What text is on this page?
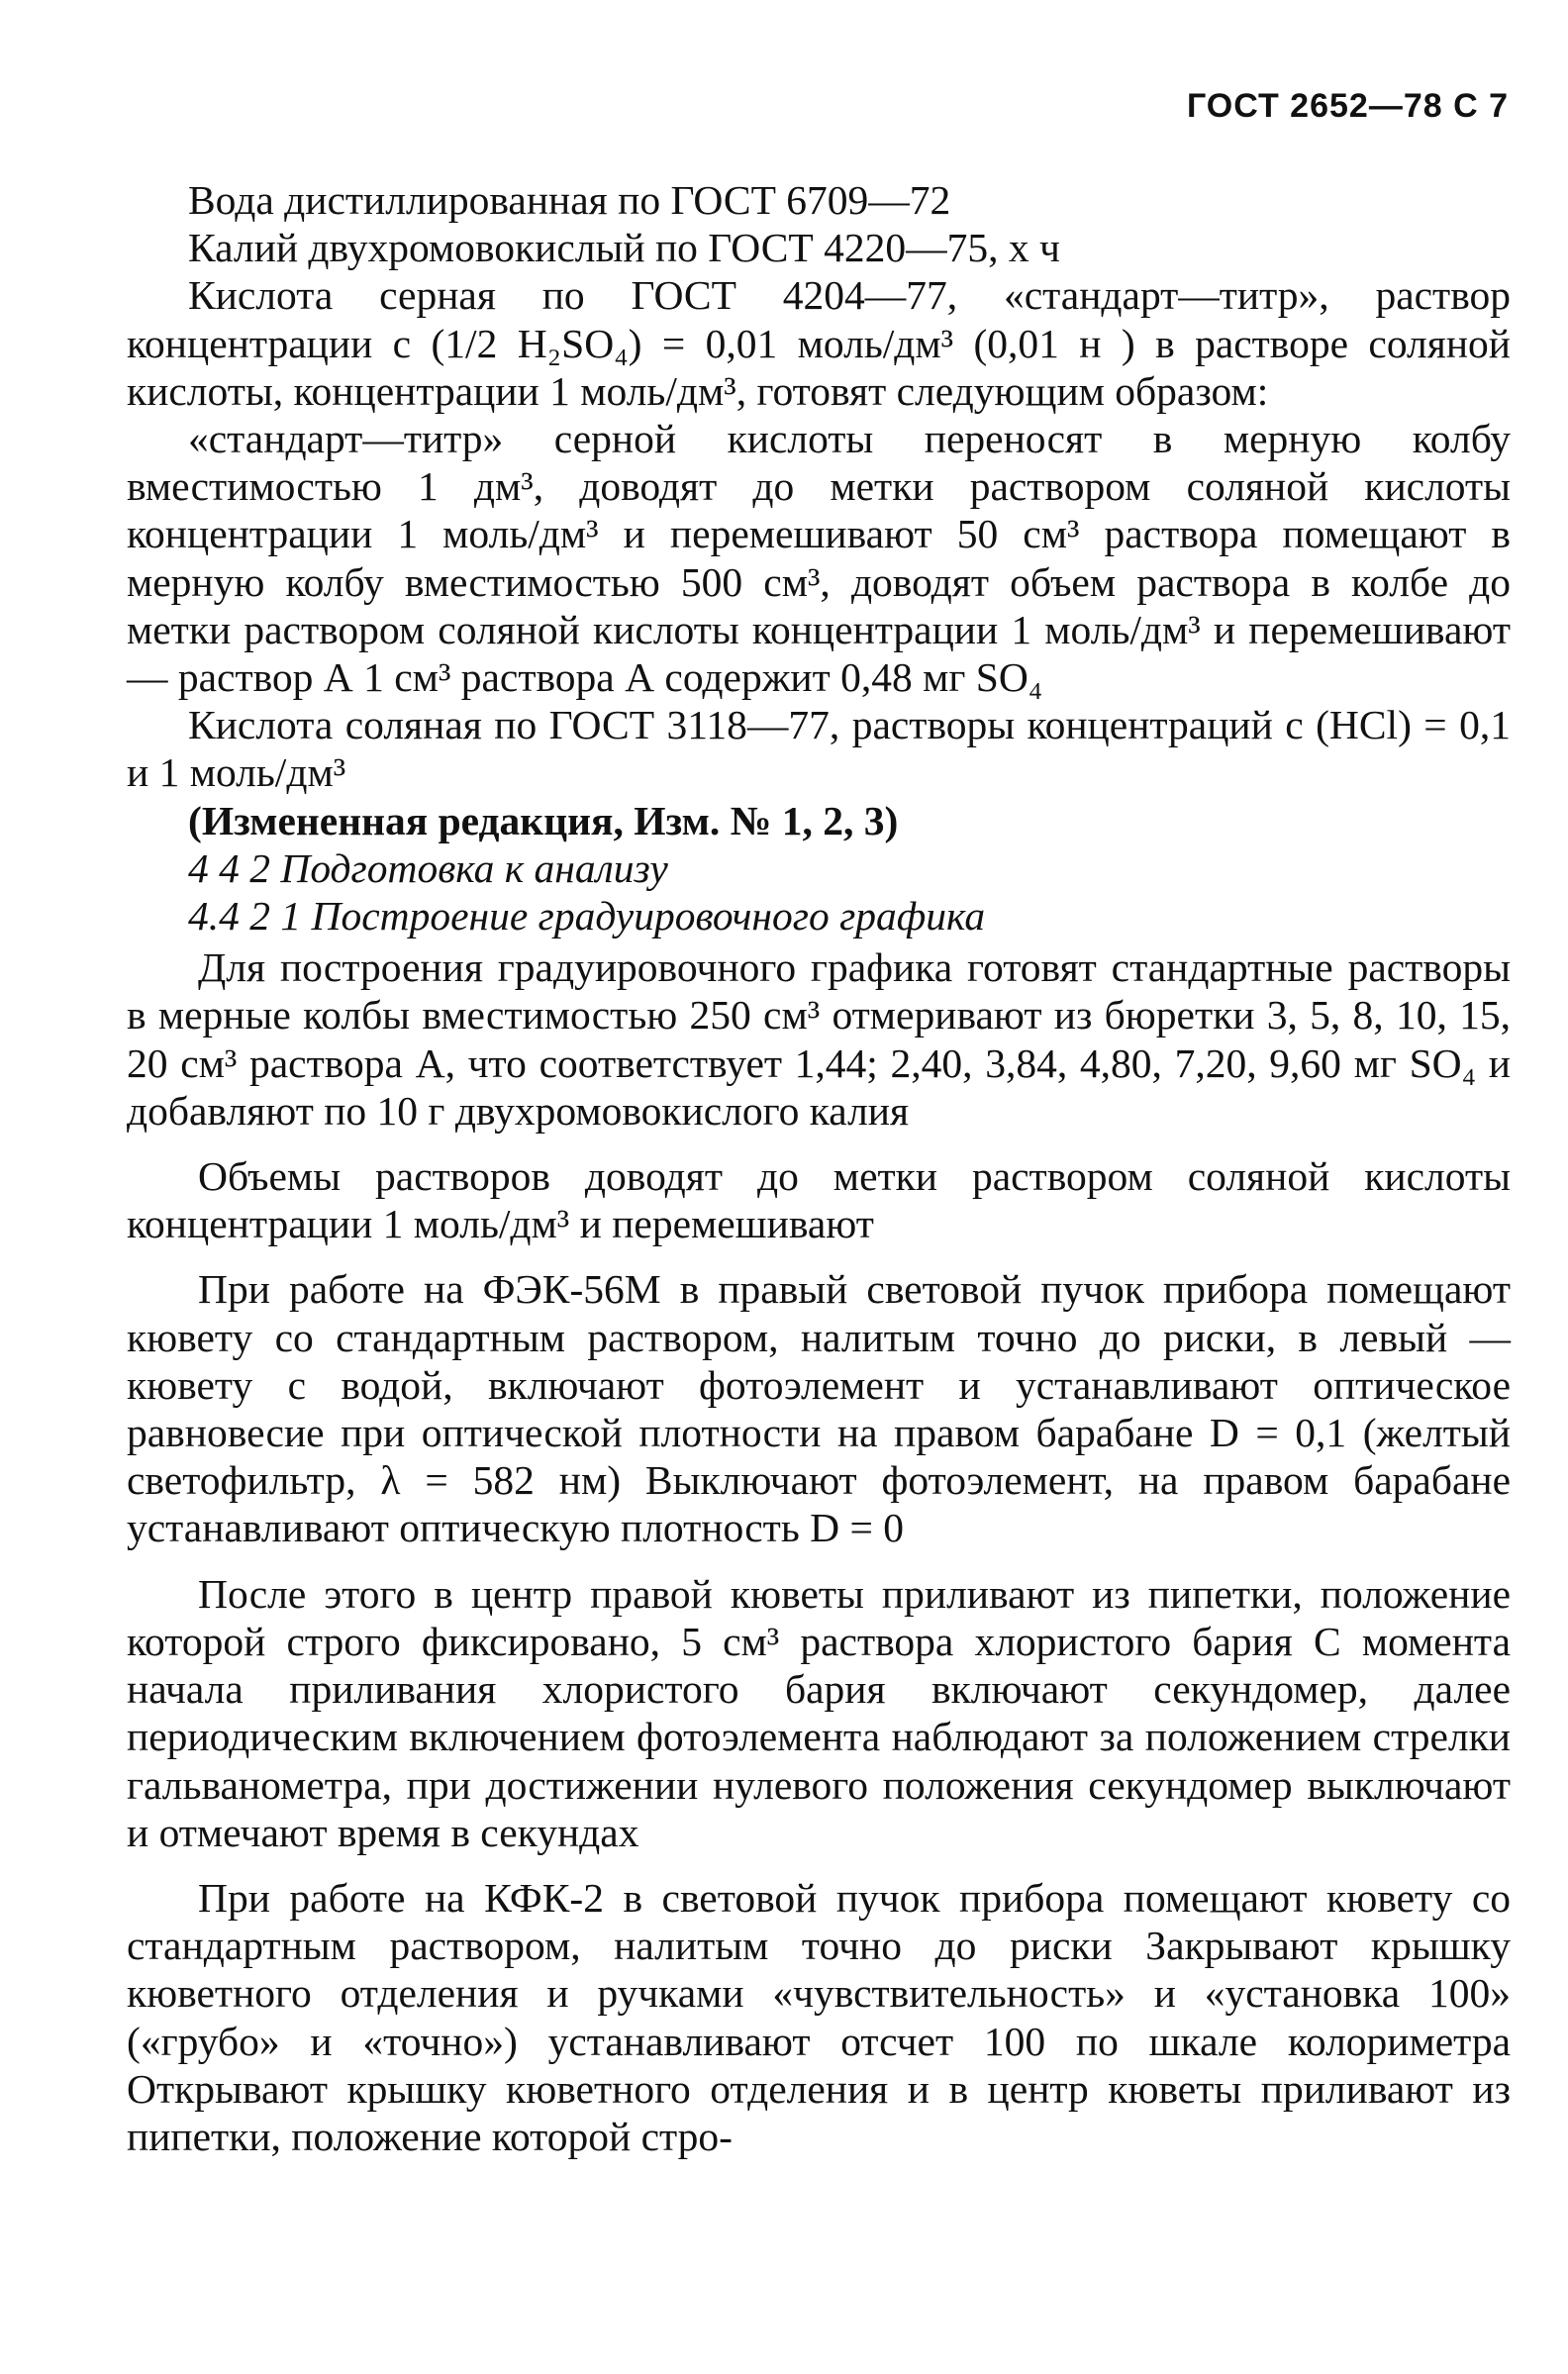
ГОСТ 2652—78 С 7

Вода дистиллированная по ГОСТ 6709—72

Калий двухромовокислый по ГОСТ 4220—75, х ч

Кислота серная по ГОСТ 4204—77, «стандарт—титр», раствор концентрации c (1/2 H₂SO₄) = 0,01 моль/дм³ (0,01 н ) в растворе соляной кислоты, концентрации 1 моль/дм³, готовят следующим образом:

«стандарт—титр» серной кислоты переносят в мерную колбу вместимостью 1 дм³, доводят до метки раствором соляной кислоты концентрации 1 моль/дм³ и перемешивают 50 см³ раствора помещают в мерную колбу вместимостью 500 см³, доводят объем раствора в колбе до метки раствором соляной кислоты концентрации 1 моль/дм³ и перемешивают — раствор А 1 см³ раствора А содержит 0,48 мг SO₄

Кислота соляная по ГОСТ 3118—77, растворы концентраций c (HCl) = 0,1 и 1 моль/дм³

(Измененная редакция, Изм. № 1, 2, 3)

4 4 2 Подготовка к анализу

4.4 2 1 Построение градуировочного графика

Для построения градуировочного графика готовят стандартные растворы в мерные колбы вместимостью 250 см³ отмеривают из бюретки 3, 5, 8, 10, 15, 20 см³ раствора А, что соответствует 1,44; 2,40, 3,84, 4,80, 7,20, 9,60 мг SO₄ и добавляют по 10 г двухромовокислого калия

Объемы растворов доводят до метки раствором соляной кислоты концентрации 1 моль/дм³ и перемешивают

При работе на ФЭК-56М в правый световой пучок прибора помещают кювету со стандартным раствором, налитым точно до риски, в левый — кювету с водой, включают фотоэлемент и устанавливают оптическое равновесие при оптической плотности на правом барабане D = 0,1 (желтый светофильтр, λ = 582 нм) Выключают фотоэлемент, на правом барабане устанавливают оптическую плотность D = 0

После этого в центр правой кюветы приливают из пипетки, положение которой строго фиксировано, 5 см³ раствора хлористого бария С момента начала приливания хлористого бария включают секундомер, далее периодическим включением фотоэлемента наблюдают за положением стрелки гальванометра, при достижении нулевого положения секундомер выключают и отмечают время в секундах

При работе на КФК-2 в световой пучок прибора помещают кювету со стандартным раствором, налитым точно до риски Закрывают крышку кюветного отделения и ручками «чувствительность» и «установка 100» («грубо» и «точно») устанавливают отсчет 100 по шкале колориметра Открывают крышку кюветного отделения и в центр кюветы приливают из пипетки, положение которой стро-
